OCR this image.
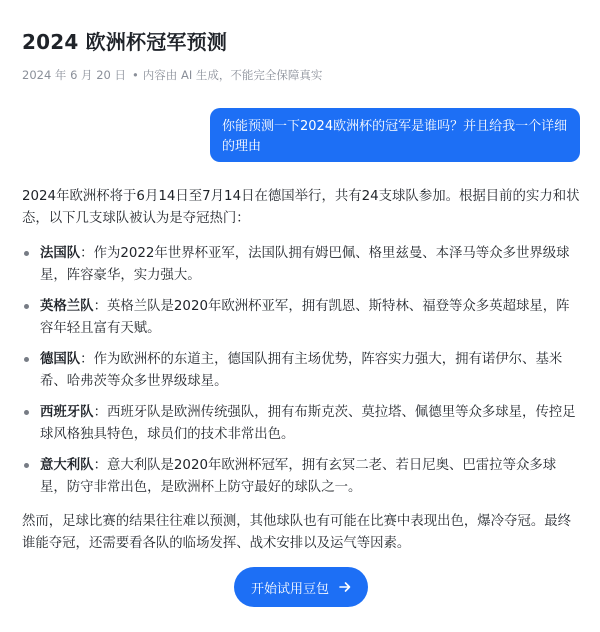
2024 欧洲杯冠军预测
2024 年 6 月 20 日 • 内容由 AI 生成，不能完全保障真实
你能预测一下2024欧洲杯的冠军是谁吗？并且给我一个详细的理由

2024年欧洲杯将于6月14日至7月14日在德国举行，共有24支球队参加。根据目前的实力和状态，以下几支球队被认为是夺冠热门：

法国队：作为2022年世界杯亚军，法国队拥有姆巴佩、格里兹曼、本泽马等众多世界级球星，阵容豪华，实力强大。
英格兰队：英格兰队是2020年欧洲杯亚军，拥有凯恩、斯特林、福登等众多英超球星，阵容年轻且富有天赋。
德国队：作为欧洲杯的东道主，德国队拥有主场优势，阵容实力强大，拥有诺伊尔、基米希、哈弗茨等众多世界级球星。
西班牙队：西班牙队是欧洲传统强队，拥有布斯克茨、莫拉塔、佩德里等众多球星，传控足球风格独具特色，球员们的技术非常出色。
意大利队：意大利队是2020年欧洲杯冠军，拥有玄冥二老、若日尼奥、巴雷拉等众多球星，防守非常出色，是欧洲杯上防守最好的球队之一。

然而，足球比赛的结果往往难以预测，其他球队也有可能在比赛中表现出色，爆冷夺冠。最终谁能夺冠，还需要看各队的临场发挥、战术安排以及运气等因素。

开始试用豆包
